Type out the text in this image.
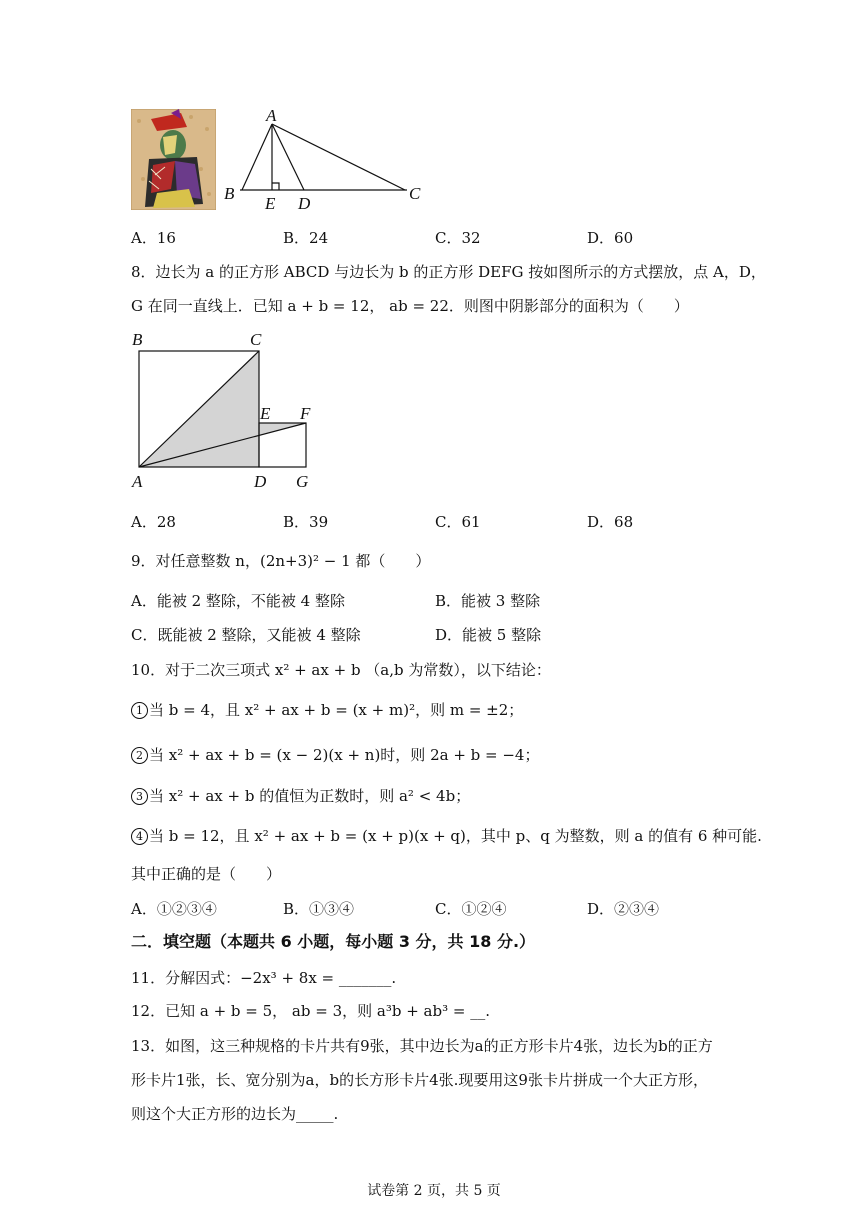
A
B	C
E D
A．16	B．24	C．32	D．60
8．边长为 a 的正方形 ABCD 与边长为 b 的正方形 DEFG 按如图所示的方式摆放，点 A，D，
G 在同一直线上．已知 a + b = 12， ab = 22．则图中阴影部分的面积为（　　）
B	C
E F
A	D G
A．28	B．39	C．61	D．68
9．对任意整数 n，(2n+3)² − 1 都（　　）
A．能被 2 整除，不能被 4 整除	B．能被 3 整除
C．既能被 2 整除，又能被 4 整除	D．能被 5 整除
10．对于二次三项式 x² + ax + b （a,b 为常数），以下结论：
1 当 b = 4，且 x² + ax + b = (x + m)²，则 m = ±2；
2 当 x² + ax + b = (x − 2)(x + n)时，则 2a + b = −4；
3 当 x² + ax + b 的值恒为正数时，则 a² < 4b；
4 当 b = 12，且 x² + ax + b = (x + p)(x + q)，其中 p、q 为整数，则 a 的值有 6 种可能.
其中正确的是（　　）
A．①②③④	B．①③④	C．①②④	D．②③④
二．填空题（本题共 6 小题，每小题 3 分，共 18 分.）
11．分解因式：−2x³ + 8x = _______.
12．已知 a + b = 5， ab = 3，则 a³b + ab³ = __.
13．如图，这三种规格的卡片共有9张，其中边长为a的正方形卡片4张，边长为b的正方
形卡片1张，长、宽分别为a，b的长方形卡片4张.现要用这9张卡片拼成一个大正方形，
则这个大正方形的边长为_____.
试卷第 2 页，共 5 页
